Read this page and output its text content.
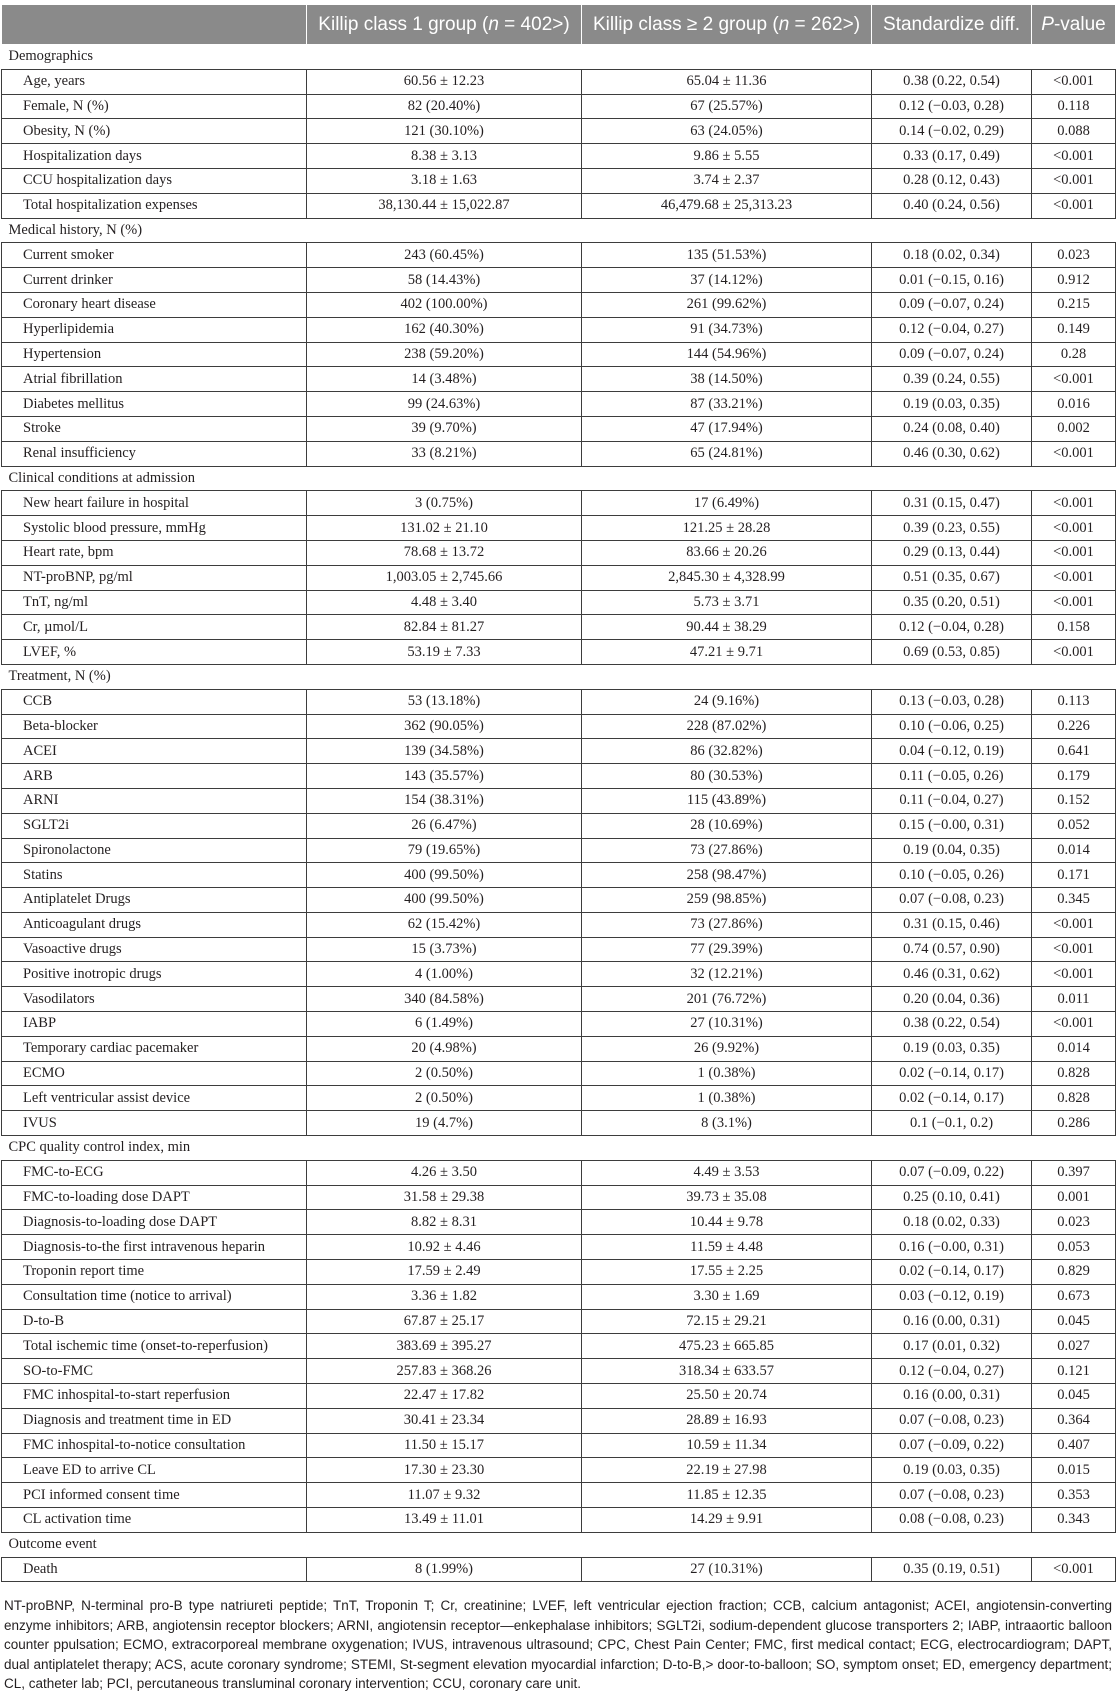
	Killip class 1 group (n = 402>)	Killip class ≥ 2 group (n = 262>)	Standardize diff.	P-value
Demographics				
Age, years	60.56 ± 12.23	65.04 ± 11.36	0.38 (0.22, 0.54)	<0.001
Female, N (%)	82 (20.40%)	67 (25.57%)	0.12 (−0.03, 0.28)	0.118
Obesity, N (%)	121 (30.10%)	63 (24.05%)	0.14 (−0.02, 0.29)	0.088
Hospitalization days	8.38 ± 3.13	9.86 ± 5.55	0.33 (0.17, 0.49)	<0.001
CCU hospitalization days	3.18 ± 1.63	3.74 ± 2.37	0.28 (0.12, 0.43)	<0.001
Total hospitalization expenses	38,130.44 ± 15,022.87	46,479.68 ± 25,313.23	0.40 (0.24, 0.56)	<0.001
Medical history, N (%)				
Current smoker	243 (60.45%)	135 (51.53%)	0.18 (0.02, 0.34)	0.023
Current drinker	58 (14.43%)	37 (14.12%)	0.01 (−0.15, 0.16)	0.912
Coronary heart disease	402 (100.00%)	261 (99.62%)	0.09 (−0.07, 0.24)	0.215
Hyperlipidemia	162 (40.30%)	91 (34.73%)	0.12 (−0.04, 0.27)	0.149
Hypertension	238 (59.20%)	144 (54.96%)	0.09 (−0.07, 0.24)	0.28
Atrial fibrillation	14 (3.48%)	38 (14.50%)	0.39 (0.24, 0.55)	<0.001
Diabetes mellitus	99 (24.63%)	87 (33.21%)	0.19 (0.03, 0.35)	0.016
Stroke	39 (9.70%)	47 (17.94%)	0.24 (0.08, 0.40)	0.002
Renal insufficiency	33 (8.21%)	65 (24.81%)	0.46 (0.30, 0.62)	<0.001
Clinical conditions at admission				
New heart failure in hospital	3 (0.75%)	17 (6.49%)	0.31 (0.15, 0.47)	<0.001
Systolic blood pressure, mmHg	131.02 ± 21.10	121.25 ± 28.28	0.39 (0.23, 0.55)	<0.001
Heart rate, bpm	78.68 ± 13.72	83.66 ± 20.26	0.29 (0.13, 0.44)	<0.001
NT-proBNP, pg/ml	1,003.05 ± 2,745.66	2,845.30 ± 4,328.99	0.51 (0.35, 0.67)	<0.001
TnT, ng/ml	4.48 ± 3.40	5.73 ± 3.71	0.35 (0.20, 0.51)	<0.001
Cr, µmol/L	82.84 ± 81.27	90.44 ± 38.29	0.12 (−0.04, 0.28)	0.158
LVEF, %	53.19 ± 7.33	47.21 ± 9.71	0.69 (0.53, 0.85)	<0.001
Treatment, N (%)				
CCB	53 (13.18%)	24 (9.16%)	0.13 (−0.03, 0.28)	0.113
Beta-blocker	362 (90.05%)	228 (87.02%)	0.10 (−0.06, 0.25)	0.226
ACEI	139 (34.58%)	86 (32.82%)	0.04 (−0.12, 0.19)	0.641
ARB	143 (35.57%)	80 (30.53%)	0.11 (−0.05, 0.26)	0.179
ARNI	154 (38.31%)	115 (43.89%)	0.11 (−0.04, 0.27)	0.152
SGLT2i	26 (6.47%)	28 (10.69%)	0.15 (−0.00, 0.31)	0.052
Spironolactone	79 (19.65%)	73 (27.86%)	0.19 (0.04, 0.35)	0.014
Statins	400 (99.50%)	258 (98.47%)	0.10 (−0.05, 0.26)	0.171
Antiplatelet Drugs	400 (99.50%)	259 (98.85%)	0.07 (−0.08, 0.23)	0.345
Anticoagulant drugs	62 (15.42%)	73 (27.86%)	0.31 (0.15, 0.46)	<0.001
Vasoactive drugs	15 (3.73%)	77 (29.39%)	0.74 (0.57, 0.90)	<0.001
Positive inotropic drugs	4 (1.00%)	32 (12.21%)	0.46 (0.31, 0.62)	<0.001
Vasodilators	340 (84.58%)	201 (76.72%)	0.20 (0.04, 0.36)	0.011
IABP	6 (1.49%)	27 (10.31%)	0.38 (0.22, 0.54)	<0.001
Temporary cardiac pacemaker	20 (4.98%)	26 (9.92%)	0.19 (0.03, 0.35)	0.014
ECMO	2 (0.50%)	1 (0.38%)	0.02 (−0.14, 0.17)	0.828
Left ventricular assist device	2 (0.50%)	1 (0.38%)	0.02 (−0.14, 0.17)	0.828
IVUS	19 (4.7%)	8 (3.1%)	0.1 (−0.1, 0.2)	0.286
CPC quality control index, min				
FMC-to-ECG	4.26 ± 3.50	4.49 ± 3.53	0.07 (−0.09, 0.22)	0.397
FMC-to-loading dose DAPT	31.58 ± 29.38	39.73 ± 35.08	0.25 (0.10, 0.41)	0.001
Diagnosis-to-loading dose DAPT	8.82 ± 8.31	10.44 ± 9.78	0.18 (0.02, 0.33)	0.023
Diagnosis-to-the first intravenous heparin	10.92 ± 4.46	11.59 ± 4.48	0.16 (−0.00, 0.31)	0.053
Troponin report time	17.59 ± 2.49	17.55 ± 2.25	0.02 (−0.14, 0.17)	0.829
Consultation time (notice to arrival)	3.36 ± 1.82	3.30 ± 1.69	0.03 (−0.12, 0.19)	0.673
D-to-B	67.87 ± 25.17	72.15 ± 29.21	0.16 (0.00, 0.31)	0.045
Total ischemic time (onset-to-reperfusion)	383.69 ± 395.27	475.23 ± 665.85	0.17 (0.01, 0.32)	0.027
SO-to-FMC	257.83 ± 368.26	318.34 ± 633.57	0.12 (−0.04, 0.27)	0.121
FMC inhospital-to-start reperfusion	22.47 ± 17.82	25.50 ± 20.74	0.16 (0.00, 0.31)	0.045
Diagnosis and treatment time in ED	30.41 ± 23.34	28.89 ± 16.93	0.07 (−0.08, 0.23)	0.364
FMC inhospital-to-notice consultation	11.50 ± 15.17	10.59 ± 11.34	0.07 (−0.09, 0.22)	0.407
Leave ED to arrive CL	17.30 ± 23.30	22.19 ± 27.98	0.19 (0.03, 0.35)	0.015
PCI informed consent time	11.07 ± 9.32	11.85 ± 12.35	0.07 (−0.08, 0.23)	0.353
CL activation time	13.49 ± 11.01	14.29 ± 9.91	0.08 (−0.08, 0.23)	0.343
Outcome event				
Death	8 (1.99%)	27 (10.31%)	0.35 (0.19, 0.51)	<0.001
NT-proBNP, N-terminal pro-B type natriureti peptide; TnT, Troponin T; Cr, creatinine; LVEF, left ventricular ejection fraction; CCB, calcium antagonist; ACEI, angiotensin-converting enzyme inhibitors; ARB, angiotensin receptor blockers; ARNI, angiotensin receptor—enkephalase inhibitors; SGLT2i, sodium-dependent glucose transporters 2; IABP, intraaortic balloon counter ppulsation; ECMO, extracorporeal membrane oxygenation; IVUS, intravenous ultrasound; CPC, Chest Pain Center; FMC, first medical contact; ECG, electrocardiogram; DAPT, dual antiplatelet therapy; ACS, acute coronary syndrome; STEMI, St-segment elevation myocardial infarction; D-to-B,> door-to-balloon; SO, symptom onset; ED, emergency department; CL, catheter lab; PCI, percutaneous transluminal coronary intervention; CCU, coronary care unit.
